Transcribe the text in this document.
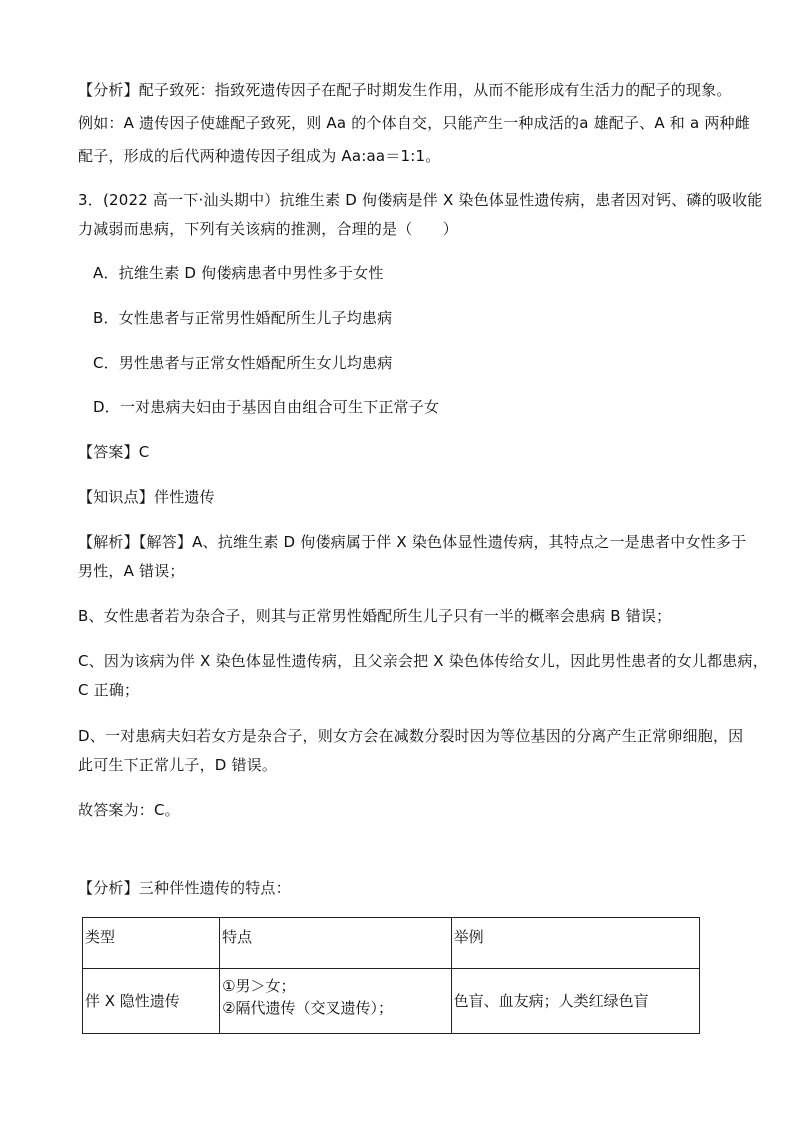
【分析】配子致死：指致死遗传因子在配子时期发生作用，从而不能形成有生活力的配子的现象。
例如：A 遗传因子使雄配子致死，则 Aa 的个体自交，只能产生一种成活的a 雄配子、A 和 a 两种雌
配子，形成的后代两种遗传因子组成为 Aa:aa＝1:1。
3．(2022 高一下·汕头期中）抗维生素 D 佝偻病是伴 X 染色体显性遗传病，患者因对钙、磷的吸收能
力减弱而患病，下列有关该病的推测，合理的是（　　）
A．抗维生素 D 佝偻病患者中男性多于女性
B．女性患者与正常男性婚配所生儿子均患病
C．男性患者与正常女性婚配所生女儿均患病
D．一对患病夫妇由于基因自由组合可生下正常子女
【答案】C
【知识点】伴性遗传
【解析】【解答】A、抗维生素 D 佝偻病属于伴 X 染色体显性遗传病，其特点之一是患者中女性多于
男性，A 错误；
B、女性患者若为杂合子，则其与正常男性婚配所生儿子只有一半的概率会患病 B 错误；
C、因为该病为伴 X 染色体显性遗传病，且父亲会把 X 染色体传给女儿，因此男性患者的女儿都患病，
C 正确；
D、一对患病夫妇若女方是杂合子，则女方会在减数分裂时因为等位基因的分离产生正常卵细胞，因
此可生下正常儿子，D 错误。
故答案为：C。
【分析】三种伴性遗传的特点：
类型	特点	举例
伴 X 隐性遗传	①男＞女；
②隔代遗传（交叉遗传）；	色盲、血友病；人类红绿色盲
